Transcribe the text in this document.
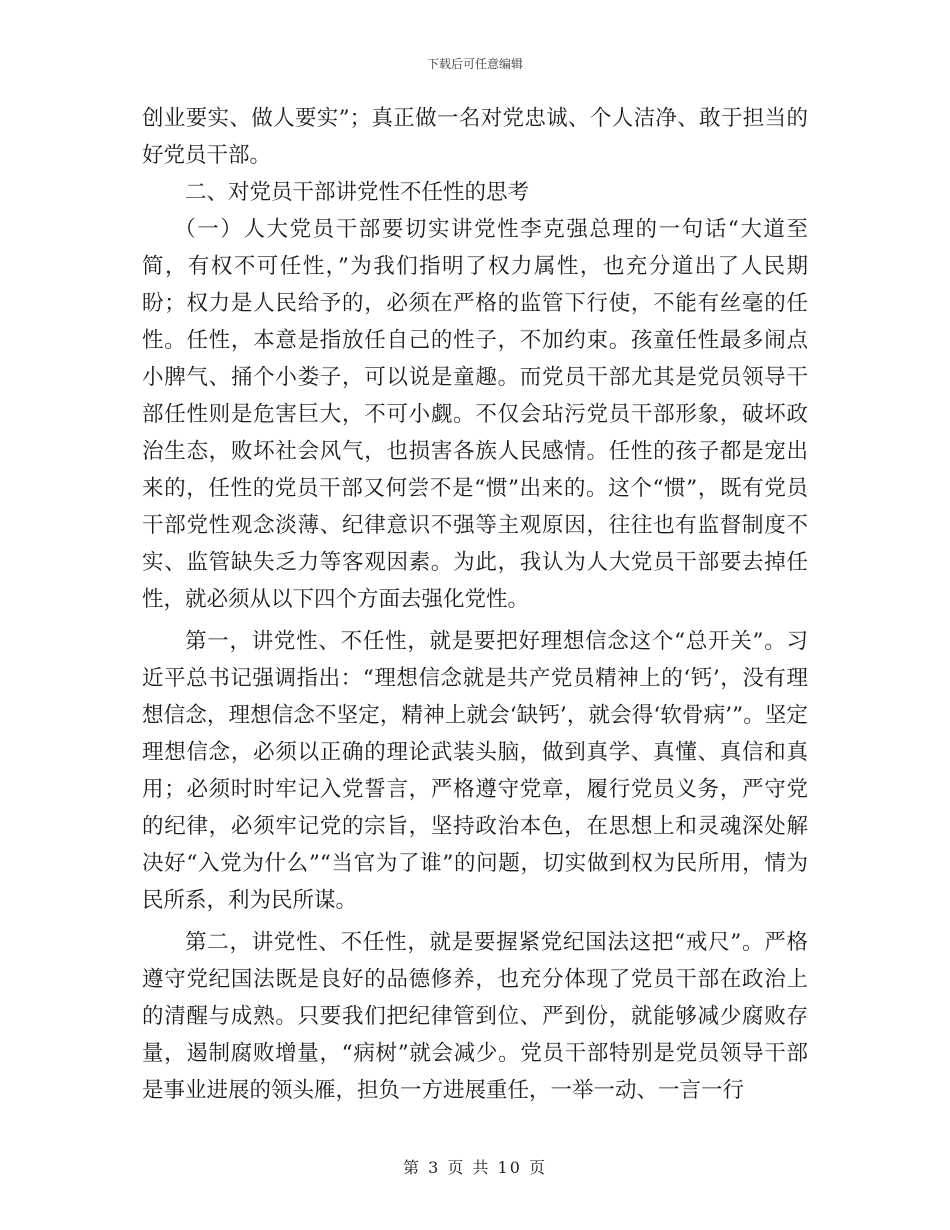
下载后可任意编辑

创业要实、做人要实”；真正做一名对党忠诚、个人洁净、敢于担当的好党员干部。

二、对党员干部讲党性不任性的思考

（一）人大党员干部要切实讲党性李克强总理的一句话“大道至简，有权不可任性，”为我们指明了权力属性，也充分道出了人民期盼；权力是人民给予的，必须在严格的监管下行使，不能有丝毫的任性。任性，本意是指放任自己的性子，不加约束。孩童任性最多闹点小脾气、捅个小娄子，可以说是童趣。而党员干部尤其是党员领导干部任性则是危害巨大，不可小觑。不仅会玷污党员干部形象，破坏政治生态，败坏社会风气，也损害各族人民感情。任性的孩子都是宠出来的，任性的党员干部又何尝不是“惯”出来的。这个“惯”，既有党员干部党性观念淡薄、纪律意识不强等主观原因，往往也有监督制度不实、监管缺失乏力等客观因素。为此，我认为人大党员干部要去掉任性，就必须从以下四个方面去强化党性。

第一，讲党性、不任性，就是要把好理想信念这个“总开关”。习近平总书记强调指出：“理想信念就是共产党员精神上的‘钙’，没有理想信念，理想信念不坚定，精神上就会‘缺钙’，就会得‘软骨病’”。坚定理想信念，必须以正确的理论武装头脑，做到真学、真懂、真信和真用；必须时时牢记入党誓言，严格遵守党章，履行党员义务，严守党的纪律，必须牢记党的宗旨，坚持政治本色，在思想上和灵魂深处解决好“入党为什么”“当官为了谁”的问题，切实做到权为民所用，情为民所系，利为民所谋。

第二，讲党性、不任性，就是要握紧党纪国法这把“戒尺”。严格遵守党纪国法既是良好的品德修养，也充分体现了党员干部在政治上的清醒与成熟。只要我们把纪律管到位、严到份，就能够减少腐败存量，遏制腐败增量，“病树”就会减少。党员干部特别是党员领导干部是事业进展的领头雁，担负一方进展重任，一举一动、一言一行

第 3 页 共 10 页
